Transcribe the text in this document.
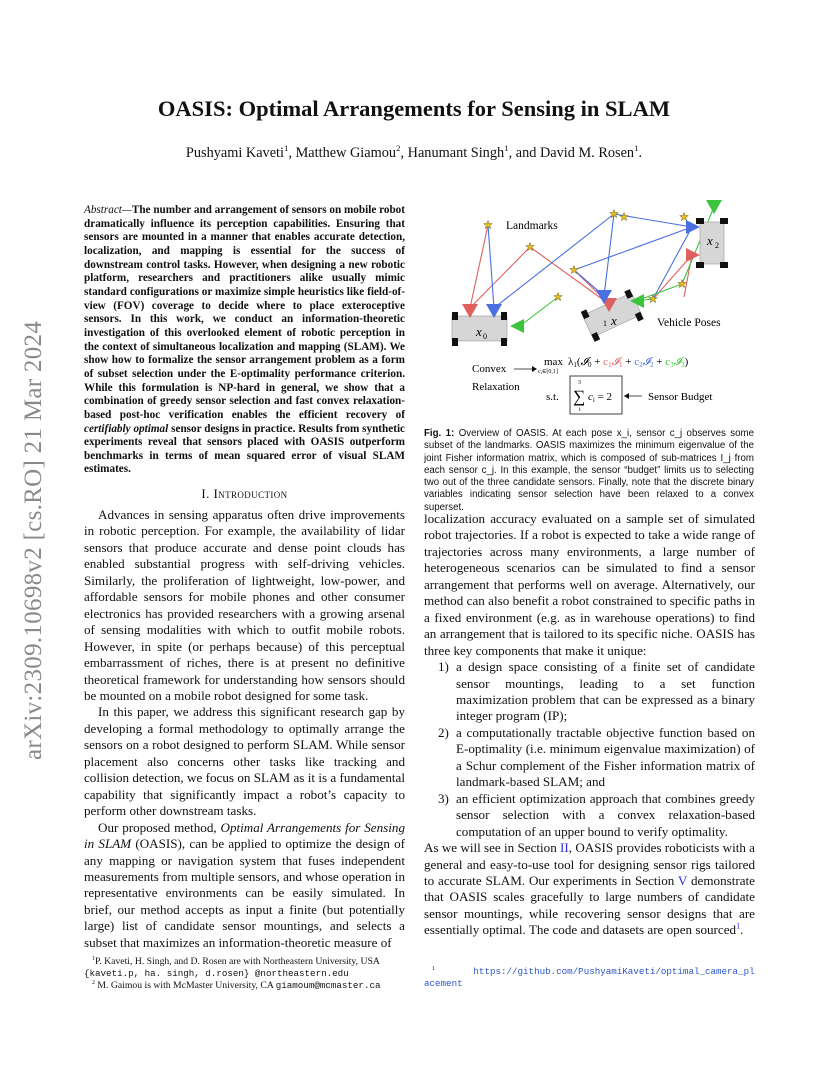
arXiv:2309.10698v2 [cs.RO] 21 Mar 2024
OASIS: Optimal Arrangements for Sensing in SLAM
Pushyami Kaveti$^1$, Matthew Giamou$^2$, Hanumant Singh$^1$, and David M. Rosen$^1$.
Abstract—The number and arrangement of sensors on mobile robot dramatically influence its perception capabilities. Ensuring that sensors are mounted in a manner that enables accurate detection, localization, and mapping is essential for the success of downstream control tasks. However, when designing a new robotic platform, researchers and practitioners alike usually mimic standard configurations or maximize simple heuristics like field-of-view (FOV) coverage to decide where to place exteroceptive sensors. In this work, we conduct an information-theoretic investigation of this overlooked element of robotic perception in the context of simultaneous localization and mapping (SLAM). We show how to formalize the sensor arrangement problem as a form of subset selection under the E-optimality performance criterion. While this formulation is NP-hard in general, we show that a combination of greedy sensor selection and fast convex relaxation-based post-hoc verification enables the efficient recovery of certifiably optimal sensor designs in practice. Results from synthetic experiments reveal that sensors placed with OASIS outperform benchmarks in terms of mean squared error of visual SLAM estimates.
I. Introduction

Advances in sensing apparatus often drive improvements in robotic perception. For example, the availability of lidar sensors that produce accurate and dense point clouds has enabled substantial progress with self-driving vehicles. Similarly, the proliferation of lightweight, low-power, and affordable sensors for mobile phones and other consumer electronics has provided researchers with a growing arsenal of sensing modalities with which to outfit mobile robots. However, in spite (or perhaps because) of this perceptual embarrassment of riches, there is at present no definitive theoretical framework for understanding how sensors should be mounted on a mobile robot designed for some task.

In this paper, we address this significant research gap by developing a formal methodology to optimally arrange the sensors on a robot designed to perform SLAM. While sensor placement also concerns other tasks like tracking and collision detection, we focus on SLAM as it is a fundamental capability that significantly impact a robot’s capacity to perform other downstream tasks.

Our proposed method, Optimal Arrangements for Sensing in SLAM (OASIS), can be applied to optimize the design of any mapping or navigation system that fuses independent measurements from multiple sensors, and whose operation in representative environments can be easily simulated. In brief, our method accepts as input a finite (but potentially large) list of candidate sensor mountings, and selects a subset that maximizes an information-theoretic measure of

$^1$P. Kaveti, H. Singh, and D. Rosen are with Northeastern University, USA {kaveti.p, ha. singh, d.rosen} @northeastern.edu
$^2$ M. Gaimou is with McMaster University, CA giamoum@mcmaster.ca
x 0
x
1
x 2
Landmarks
Vehicle Poses
Convex
Relaxation
max
ci∈[0,1]
λ1(𝓘0 + c1𝓘1 + c2𝓘2 + c3𝓘3)
s.t.
3
∑
i
ci = 2	Sensor Budget
Fig. 1: Overview of OASIS. At each pose x_i, sensor c_j observes some subset of the landmarks. OASIS maximizes the minimum eigenvalue of the joint Fisher information matrix, which is composed of sub-matrices I_j from each sensor c_j. In this example, the sensor “budget” limits us to selecting two out of the three candidate sensors. Finally, note that the discrete binary variables indicating sensor selection have been relaxed to a convex superset.

localization accuracy evaluated on a sample set of simulated robot trajectories. If a robot is expected to take a wide range of trajectories across many environments, a large number of heterogeneous scenarios can be simulated to find a sensor arrangement that performs well on average. Alternatively, our method can also benefit a robot constrained to specific paths in a fixed environment (e.g. as in warehouse operations) to find an arrangement that is tailored to its specific niche. OASIS has three key components that make it unique:

1) a design space consisting of a finite set of candidate sensor mountings, leading to a set function maximization problem that can be expressed as a binary integer program (IP);
2) a computationally tractable objective function based on E-optimality (i.e. minimum eigenvalue maximization) of a Schur complement of the Fisher information matrix of landmark-based SLAM; and
3) an efficient optimization approach that combines greedy sensor selection with a convex relaxation-based computation of an upper bound to verify optimality.

As we will see in Section II, OASIS provides roboticists with a general and easy-to-use tool for designing sensor rigs tailored to accurate SLAM. Our experiments in Section V demonstrate that OASIS scales gracefully to large numbers of candidate sensor mountings, while recovering sensor designs that are essentially optimal. The code and datasets are open sourced$^1$.

$^1$	https://github.com/PushyamiKaveti/optimal_camera_placement
